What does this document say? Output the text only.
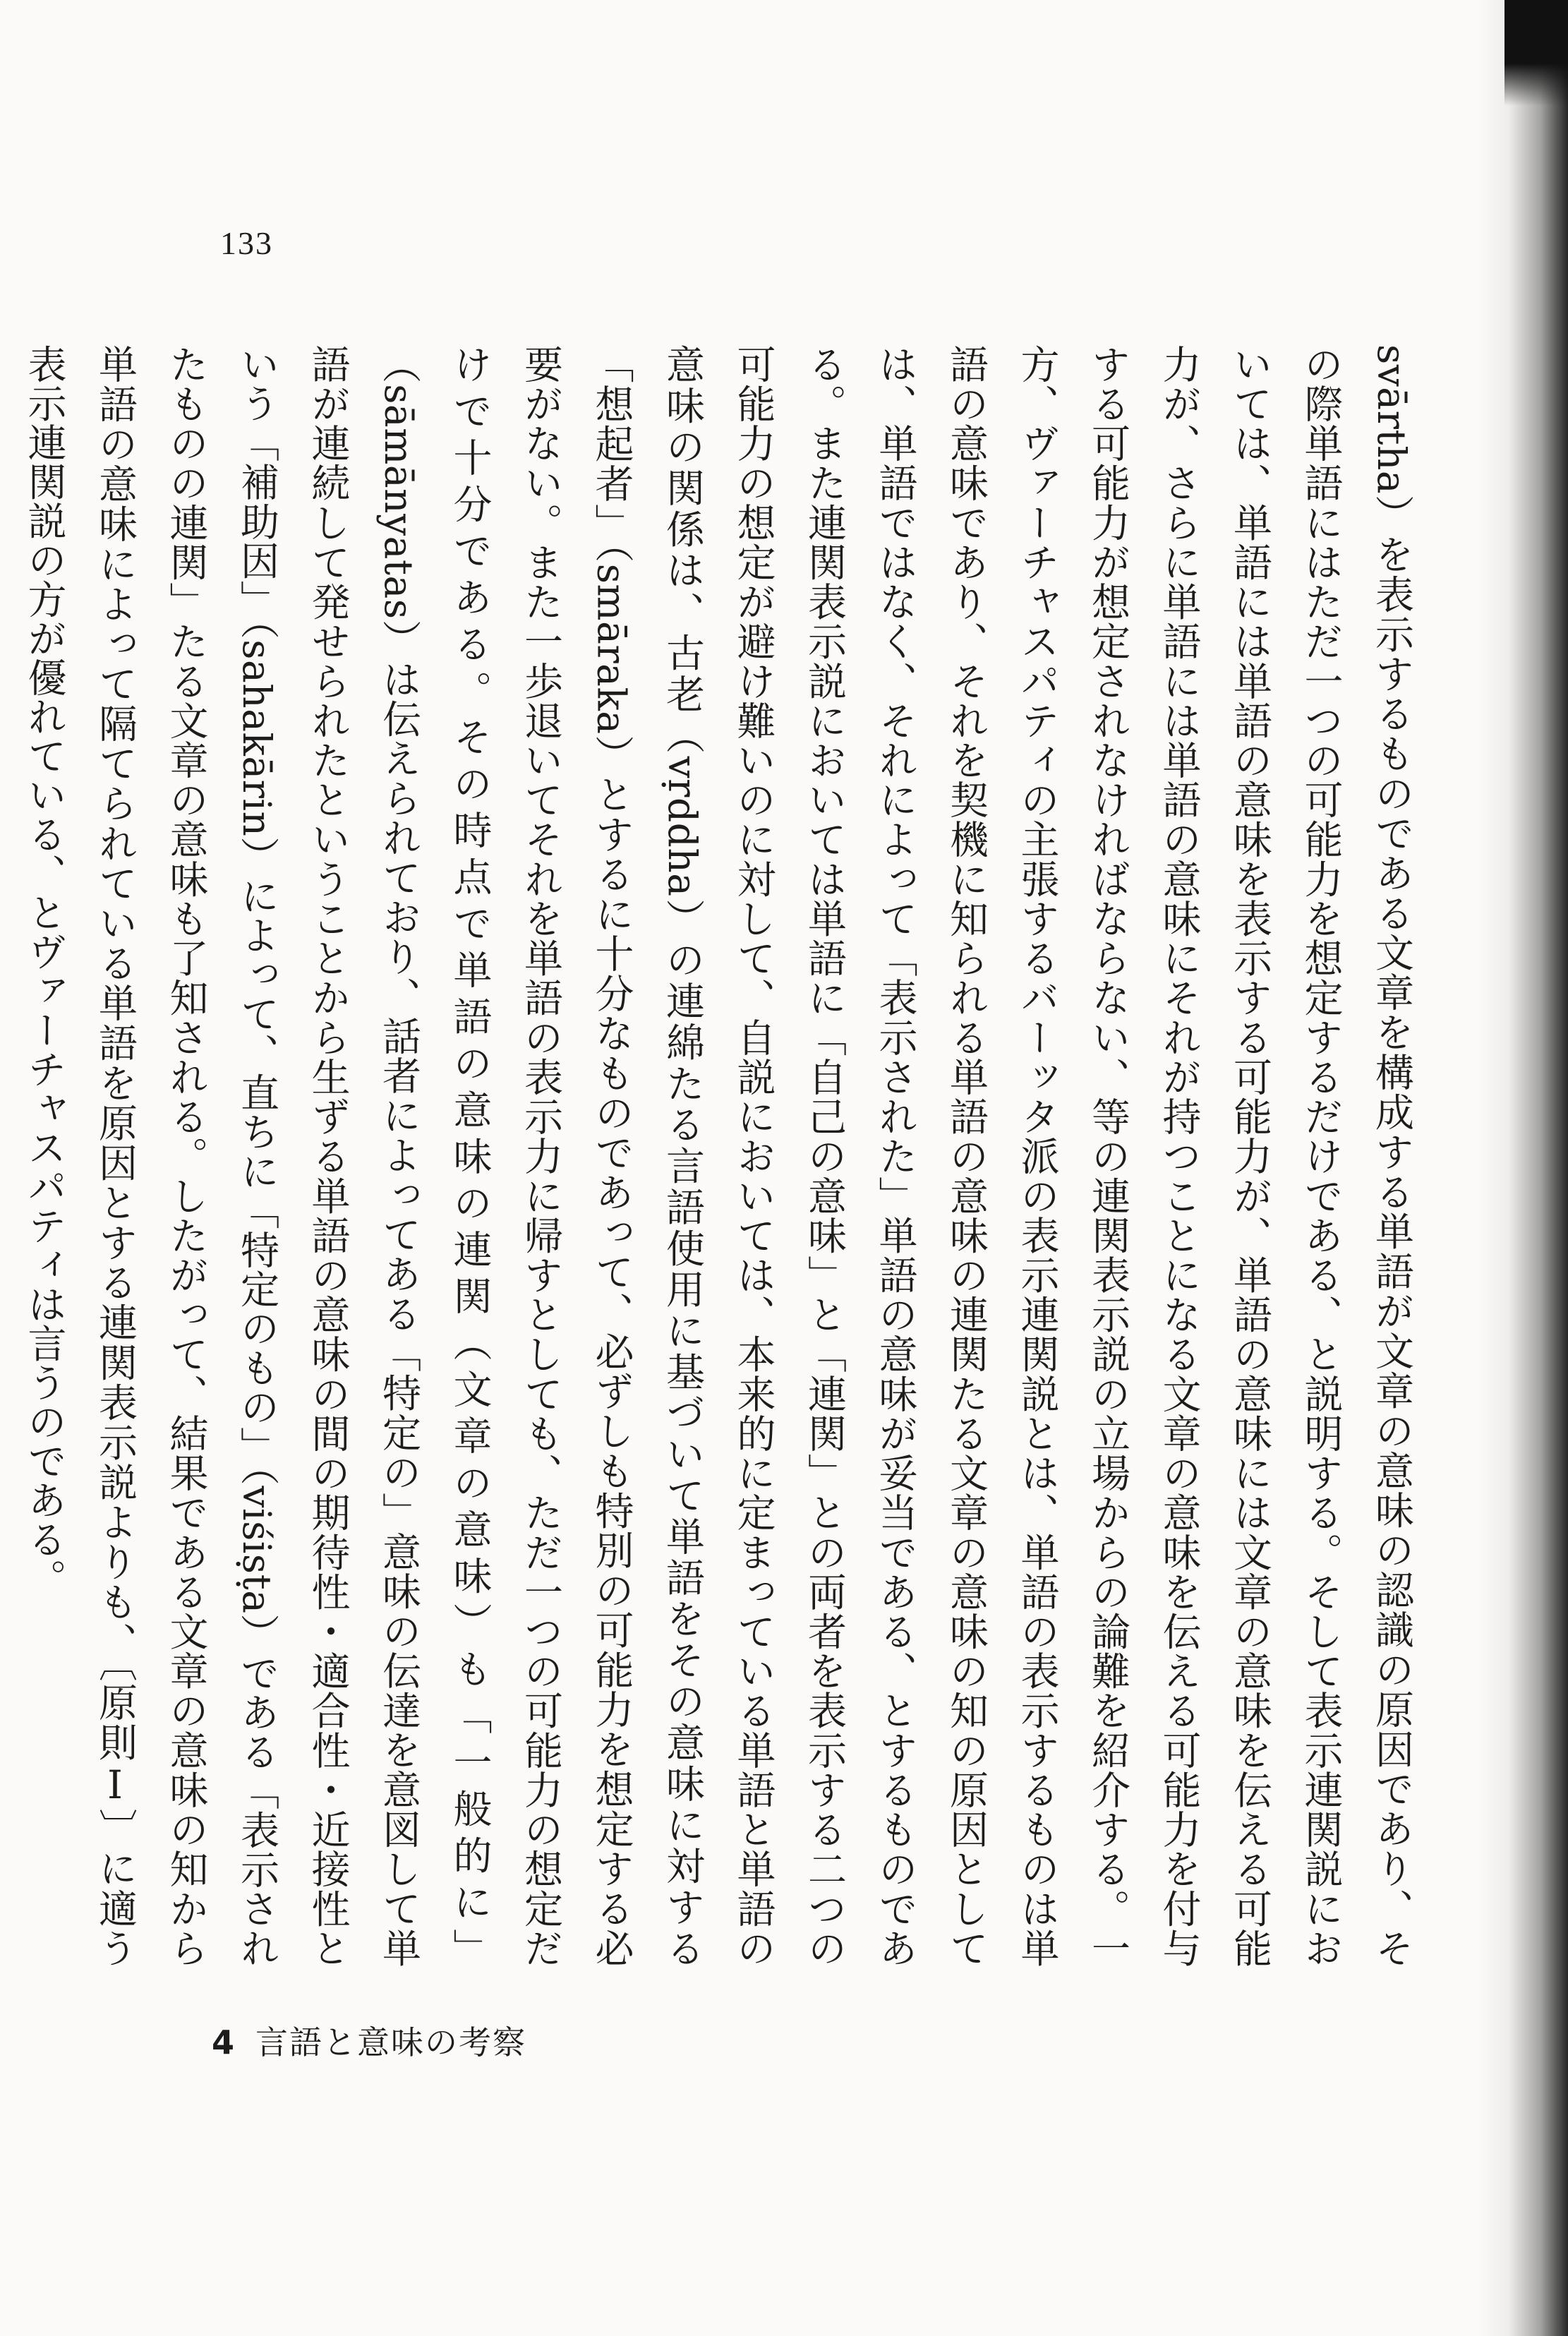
133

svārtha）を表示するものである文章を構成する単語が文章の意味の認識の原因であり、その際単語にはただ一つの可能力を想定するだけである、と説明する。そして表示連関説においては、単語には単語の意味を表示する可能力が、単語の意味には文章の意味を伝える可能力が、さらに単語には単語の意味にそれが持つことになる文章の意味を伝える可能力を付与する可能力が想定されなければならない、等の連関表示説の立場からの論難を紹介する。一方、ヴァーチャスパティの主張するバーッタ派の表示連関説とは、単語の表示するものは単語の意味であり、それを契機に知られる単語の意味の連関たる文章の意味の知の原因としては、単語ではなく、それによって「表示された」単語の意味が妥当である、とするものである。また連関表示説においては単語に「自己の意味」と「連関」との両者を表示する二つの可能力の想定が避け難いのに対して、自説においては、本来的に定まっている単語と単語の意味の関係は、古老（vṛddha）の連綿たる言語使用に基づいて単語をその意味に対する「想起者」（smāraka）とするに十分なものであって、必ずしも特別の可能力を想定する必要がない。また一歩退いてそれを単語の表示力に帰すとしても、ただ一つの可能力の想定だけで十分である。その時点で単語の意味の連関（文章の意味）も「一般的に」（sāmānyatas）は伝えられており、話者によってある「特定の」意味の伝達を意図して単語が連続して発せられたということから生ずる単語の意味の間の期待性・適合性・近接性という「補助因」（sahakārin）によって、直ちに「特定のもの」（viśiṣṭa）である「表示されたものの連関」たる文章の意味も了知される。したがって、結果である文章の意味の知から単語の意味によって隔てられている単語を原因とする連関表示説よりも、〔原則Ⅰ〕に適う表示連関説の方が優れている、とヴァーチャスパティは言うのである。

4 言語と意味の考察
